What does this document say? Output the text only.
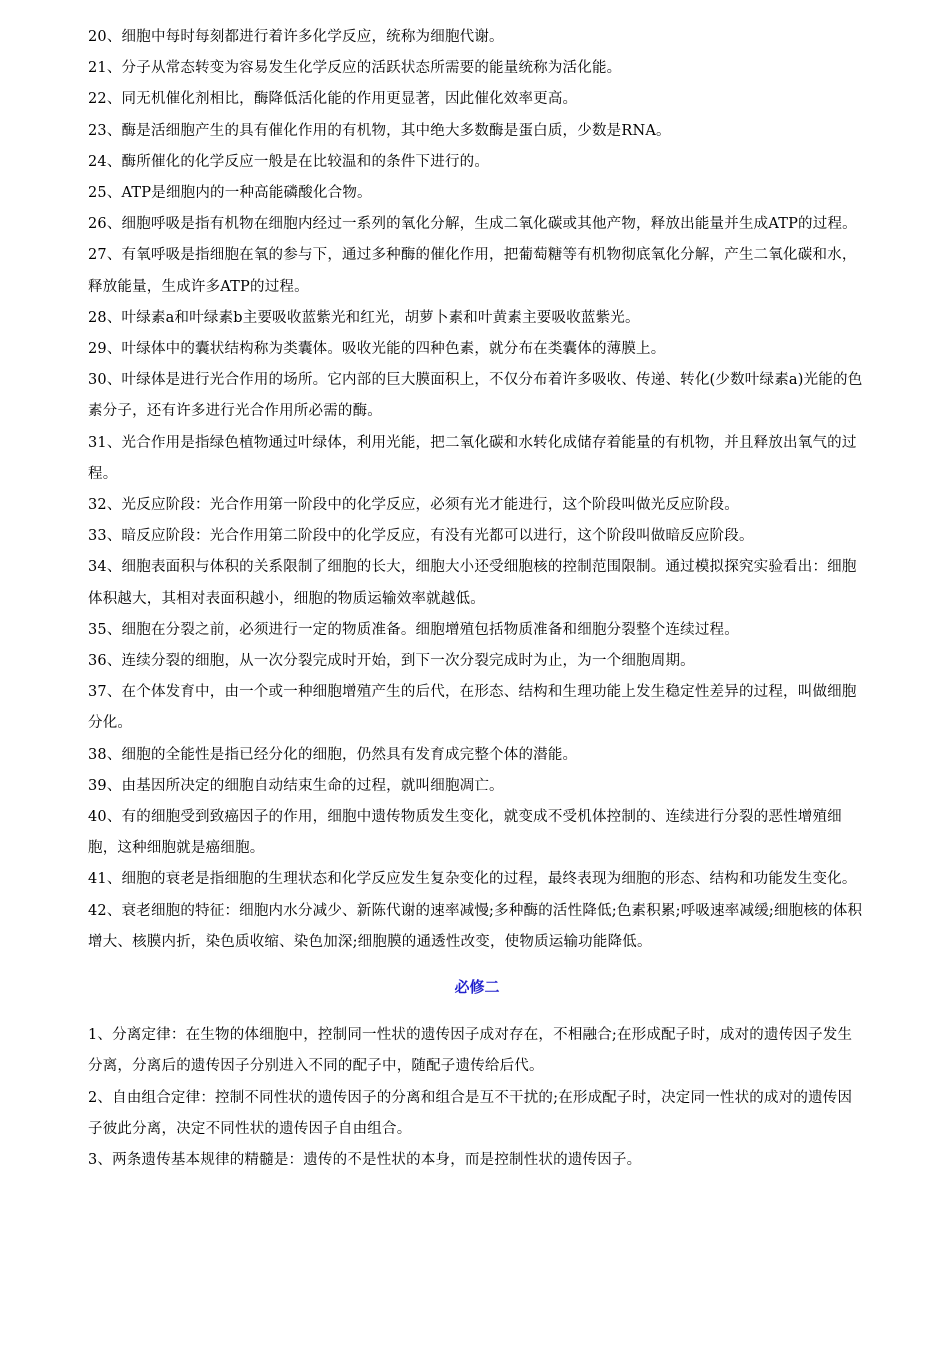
20、细胞中每时每刻都进行着许多化学反应，统称为细胞代谢。

21、分子从常态转变为容易发生化学反应的活跃状态所需要的能量统称为活化能。

22、同无机催化剂相比，酶降低活化能的作用更显著，因此催化效率更高。

23、酶是活细胞产生的具有催化作用的有机物，其中绝大多数酶是蛋白质，少数是RNA。

24、酶所催化的化学反应一般是在比较温和的条件下进行的。

25、ATP是细胞内的一种高能磷酸化合物。

26、细胞呼吸是指有机物在细胞内经过一系列的氧化分解，生成二氧化碳或其他产物，释放出能量并生成ATP的过程。

27、有氧呼吸是指细胞在氧的参与下，通过多种酶的催化作用，把葡萄糖等有机物彻底氧化分解，产生二氧化碳和水，释放能量，生成许多ATP的过程。

28、叶绿素a和叶绿素b主要吸收蓝紫光和红光，胡萝卜素和叶黄素主要吸收蓝紫光。

29、叶绿体中的囊状结构称为类囊体。吸收光能的四种色素，就分布在类囊体的薄膜上。

30、叶绿体是进行光合作用的场所。它内部的巨大膜面积上，不仅分布着许多吸收、传递、转化(少数叶绿素a)光能的色素分子，还有许多进行光合作用所必需的酶。

31、光合作用是指绿色植物通过叶绿体，利用光能，把二氧化碳和水转化成储存着能量的有机物，并且释放出氧气的过程。

32、光反应阶段：光合作用第一阶段中的化学反应，必须有光才能进行，这个阶段叫做光反应阶段。

33、暗反应阶段：光合作用第二阶段中的化学反应，有没有光都可以进行，这个阶段叫做暗反应阶段。

34、细胞表面积与体积的关系限制了细胞的长大，细胞大小还受细胞核的控制范围限制。通过模拟探究实验看出：细胞体积越大，其相对表面积越小，细胞的物质运输效率就越低。

35、细胞在分裂之前，必须进行一定的物质准备。细胞增殖包括物质准备和细胞分裂整个连续过程。

36、连续分裂的细胞，从一次分裂完成时开始，到下一次分裂完成时为止，为一个细胞周期。

37、在个体发育中，由一个或一种细胞增殖产生的后代，在形态、结构和生理功能上发生稳定性差异的过程，叫做细胞分化。

38、细胞的全能性是指已经分化的细胞，仍然具有发育成完整个体的潜能。

39、由基因所决定的细胞自动结束生命的过程，就叫细胞凋亡。

40、有的细胞受到致癌因子的作用，细胞中遗传物质发生变化，就变成不受机体控制的、连续进行分裂的恶性增殖细胞，这种细胞就是癌细胞。

41、细胞的衰老是指细胞的生理状态和化学反应发生复杂变化的过程，最终表现为细胞的形态、结构和功能发生变化。

42、衰老细胞的特征：细胞内水分减少、新陈代谢的速率减慢;多种酶的活性降低;色素积累;呼吸速率减缓;细胞核的体积增大、核膜内折，染色质收缩、染色加深;细胞膜的通透性改变，使物质运输功能降低。

必修二

1、分离定律：在生物的体细胞中，控制同一性状的遗传因子成对存在，不相融合;在形成配子时，成对的遗传因子发生分离，分离后的遗传因子分别进入不同的配子中，随配子遗传给后代。

2、自由组合定律：控制不同性状的遗传因子的分离和组合是互不干扰的;在形成配子时，决定同一性状的成对的遗传因子彼此分离，决定不同性状的遗传因子自由组合。

3、两条遗传基本规律的精髓是：遗传的不是性状的本身，而是控制性状的遗传因子。
